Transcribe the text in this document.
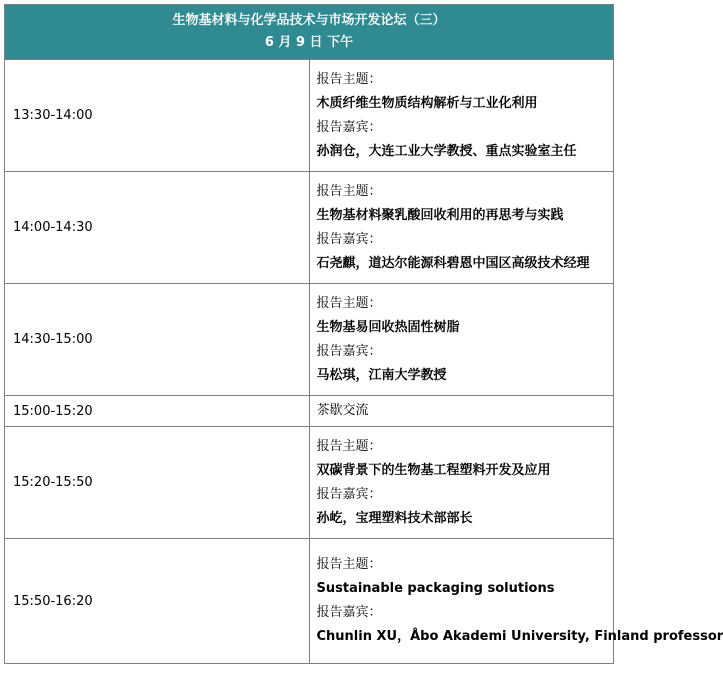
生物基材料与化学品技术与市场开发论坛（三）
6 月 9 日 下午	

13:30-14:00	报告主题：
木质纤维生物质结构解析与工业化利用
报告嘉宾：
孙润仓，大连工业大学教授、重点实验室主任

14:00-14:30	报告主题：
生物基材料聚乳酸回收利用的再思考与实践
报告嘉宾：
石尧麒，道达尔能源科碧恩中国区高级技术经理

14:30-15:00	报告主题：
生物基易回收热固性树脂
报告嘉宾：
马松琪，江南大学教授

15:00-15:20	茶歇交流

15:20-15:50	报告主题：
双碳背景下的生物基工程塑料开发及应用
报告嘉宾：
孙屹，宝理塑料技术部部长

15:50-16:20	报告主题：
Sustainable packaging solutions
报告嘉宾：
Chunlin XU，Åbo Akademi University, Finland professor
